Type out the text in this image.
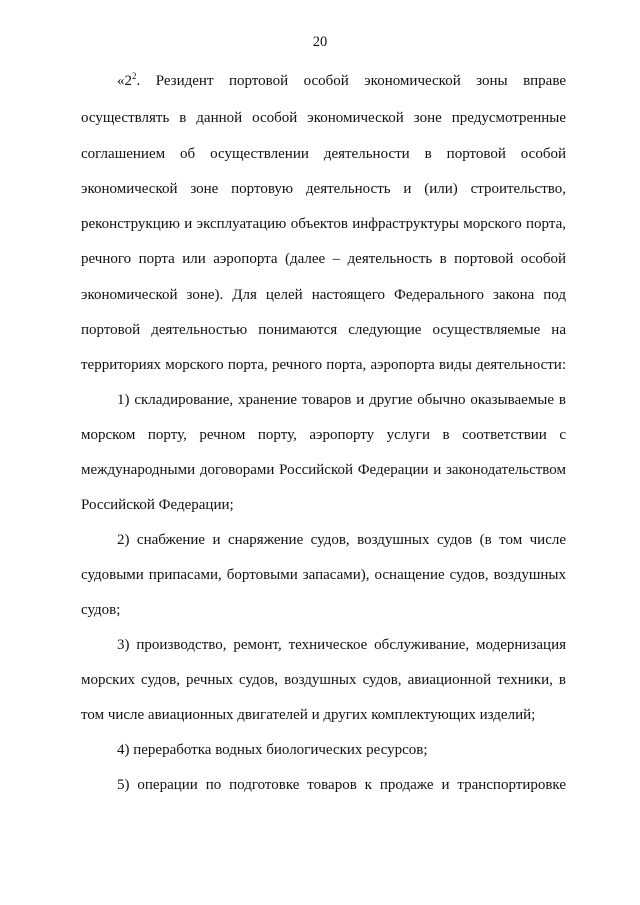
20
«$2^2$. Резидент портовой особой экономической зоны вправе
осуществлять в данной особой экономической зоне предусмотренные
соглашением об осуществлении деятельности в портовой особой
экономической зоне портовую деятельность и (или) строительство,
реконструкцию и эксплуатацию объектов инфраструктуры морского порта,
речного порта или аэропорта (далее – деятельность в портовой особой
экономической зоне). Для целей настоящего Федерального закона под
портовой деятельностью понимаются следующие осуществляемые на
территориях морского порта, речного порта, аэропорта виды деятельности:
1) складирование, хранение товаров и другие обычно оказываемые в
морском порту, речном порту, аэропорту услуги в соответствии с
международными договорами Российской Федерации и законодательством
Российской Федерации;
2) снабжение и снаряжение судов, воздушных судов (в том числе
судовыми припасами, бортовыми запасами), оснащение судов, воздушных
судов;
3) производство, ремонт, техническое обслуживание, модернизация
морских судов, речных судов, воздушных судов, авиационной техники, в
том числе авиационных двигателей и других комплектующих изделий;
4) переработка водных биологических ресурсов;
5) операции по подготовке товаров к продаже и транспортировке
